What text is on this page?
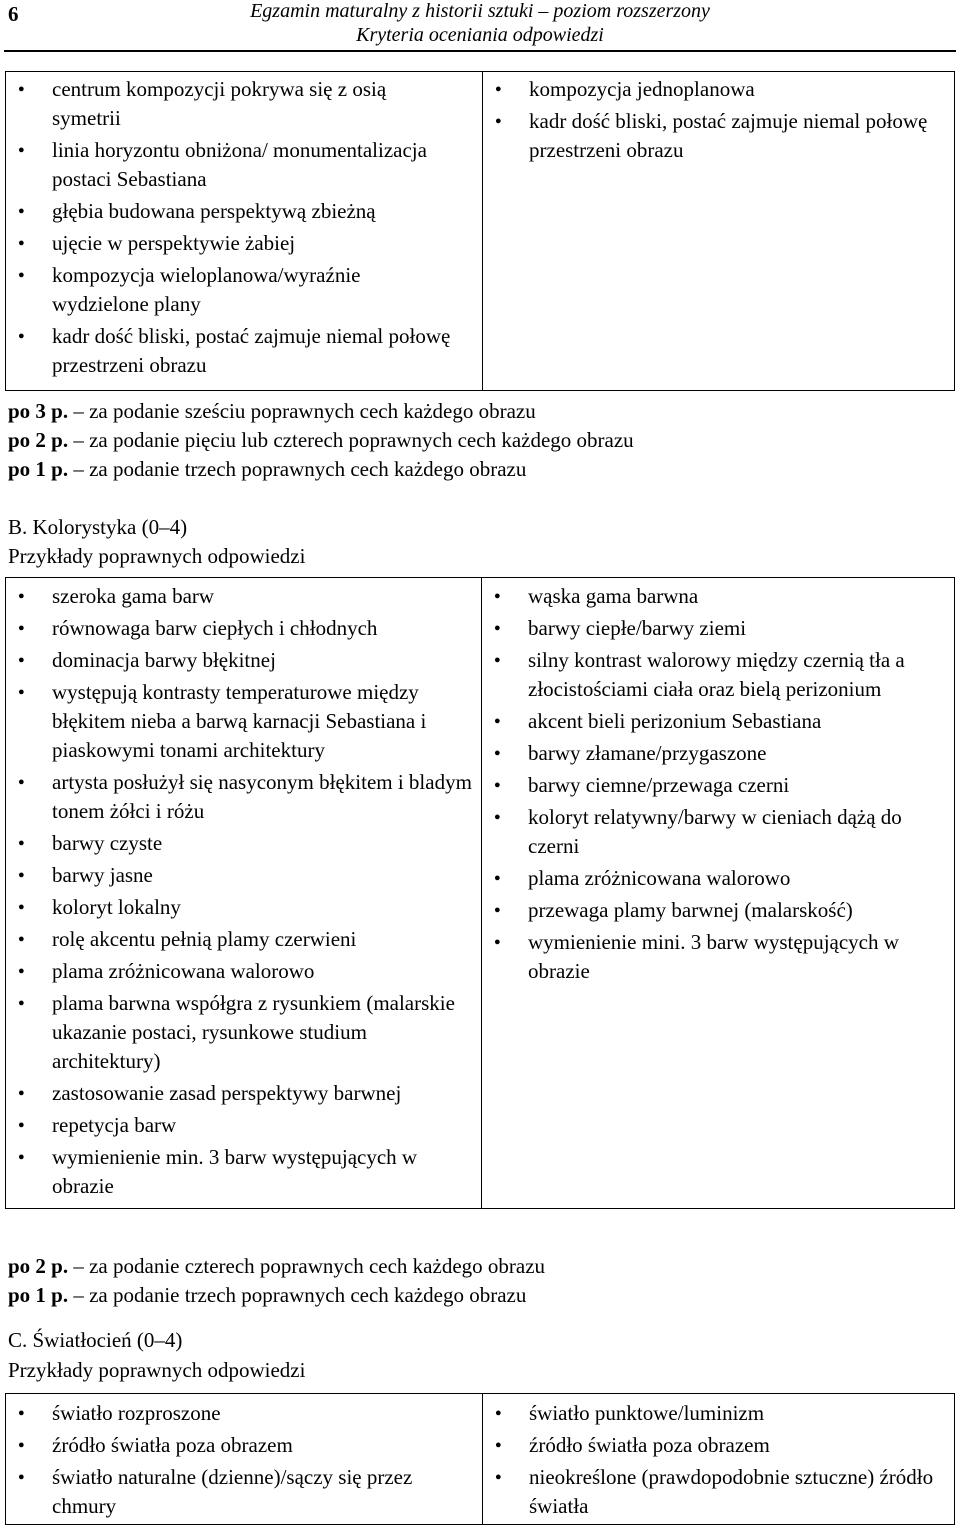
6	Egzamin maturalny z historii sztuki – poziom rozszerzony
Kryteria oceniania odpowiedzi
● centrum kompozycji pokrywa się z osią symetrii
● linia horyzontu obniżona/ monumentalizacja postaci Sebastiana
● głębia budowana perspektywą zbieżną
● ujęcie w perspektywie żabiej
● kompozycja wieloplanowa/wyraźnie wydzielone plany
● kadr dość bliski, postać zajmuje niemal połowę przestrzeni obrazu

● kompozycja jednoplanowa
● kadr dość bliski, postać zajmuje niemal połowę przestrzeni obrazu
po 3 p. – za podanie sześciu poprawnych cech każdego obrazu
po 2 p. – za podanie pięciu lub czterech poprawnych cech każdego obrazu
po 1 p. – za podanie trzech poprawnych cech każdego obrazu
B. Kolorystyka (0–4)
Przykłady poprawnych odpowiedzi
● szeroka gama barw
● równowaga barw ciepłych i chłodnych
● dominacja barwy błękitnej
● występują kontrasty temperaturowe między błękitem nieba a barwą karnacji Sebastiana i piaskowymi tonami architektury
● artysta posłużył się nasyconym błękitem i bladym tonem żółci i różu
● barwy czyste
● barwy jasne
● koloryt lokalny
● rolę akcentu pełnią plamy czerwieni
● plama zróżnicowana walorowo
● plama barwna współgra z rysunkiem (malarskie ukazanie postaci, rysunkowe studium architektury)
● zastosowanie zasad perspektywy barwnej
● repetycja barw
● wymienienie min. 3 barw występujących w obrazie

● wąska gama barwna
● barwy ciepłe/barwy ziemi
● silny kontrast walorowy między czernią tła a złocistościami ciała oraz bielą perizonium
● akcent bieli perizonium Sebastiana
● barwy złamane/przygaszone
● barwy ciemne/przewaga czerni
● koloryt relatywny/barwy w cieniach dążą do czerni
● plama zróżnicowana walorowo
● przewaga plamy barwnej (malarskość)
● wymienienie mini. 3 barw występujących w obrazie
po 2 p. – za podanie czterech poprawnych cech każdego obrazu
po 1 p. – za podanie trzech poprawnych cech każdego obrazu
C. Światłocień (0–4)
Przykłady poprawnych odpowiedzi
● światło rozproszone
● źródło światła poza obrazem
● światło naturalne (dzienne)/sączy się przez chmury

● światło punktowe/luminizm
● źródło światła poza obrazem
● nieokreślone (prawdopodobnie sztuczne) źródło światła
